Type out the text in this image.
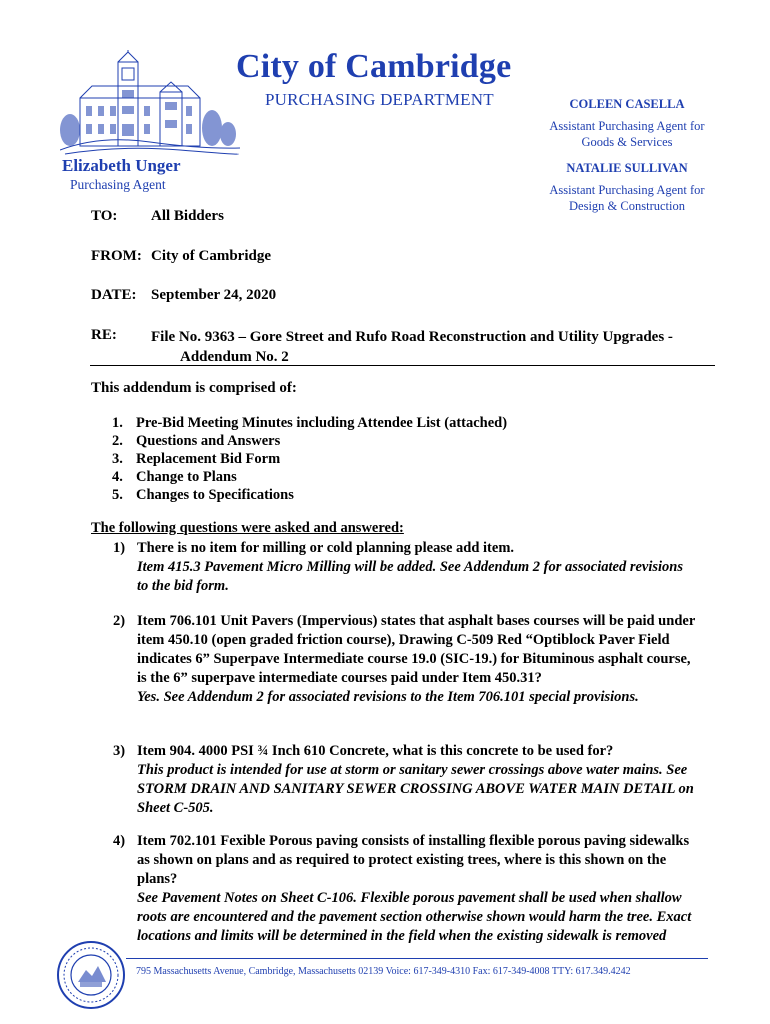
City of Cambridge
PURCHASING DEPARTMENT
Elizabeth Unger
Purchasing Agent
COLEEN CASELLA
Assistant Purchasing Agent for
Goods & Services
NATALIE SULLIVAN
Assistant Purchasing Agent for
Design & Construction
TO: All Bidders
FROM: City of Cambridge
DATE: September 24, 2020
RE: File No. 9363 – Gore Street and Rufo Road Reconstruction and Utility Upgrades -
Addendum No. 2
This addendum is comprised of:
1. Pre-Bid Meeting Minutes including Attendee List (attached)
2. Questions and Answers
3. Replacement Bid Form
4. Change to Plans
5. Changes to Specifications
The following questions were asked and answered:
1) There is no item for milling or cold planning please add item.
Item 415.3 Pavement Micro Milling will be added. See Addendum 2 for associated revisions to the bid form.
2) Item 706.101 Unit Pavers (Impervious) states that asphalt bases courses will be paid under item 450.10 (open graded friction course), Drawing C-509 Red “Optiblock Paver Field indicates 6” Superpave Intermediate course 19.0 (SIC-19.) for Bituminous asphalt course, is the 6” superpave intermediate courses paid under Item 450.31?
Yes. See Addendum 2 for associated revisions to the Item 706.101 special provisions.
3) Item 904. 4000 PSI ¾ Inch 610 Concrete, what is this concrete to be used for?
This product is intended for use at storm or sanitary sewer crossings above water mains. See STORM DRAIN AND SANITARY SEWER CROSSING ABOVE WATER MAIN DETAIL on Sheet C-505.
4) Item 702.101 Fexible Porous paving consists of installing flexible porous paving sidewalks as shown on plans and as required to protect existing trees, where is this shown on the plans?
See Pavement Notes on Sheet C-106. Flexible porous pavement shall be used when shallow roots are encountered and the pavement section otherwise shown would harm the tree. Exact locations and limits will be determined in the field when the existing sidewalk is removed
795 Massachusetts Avenue, Cambridge, Massachusetts 02139 Voice: 617-349-4310 Fax: 617-349-4008 TTY: 617.349.4242
